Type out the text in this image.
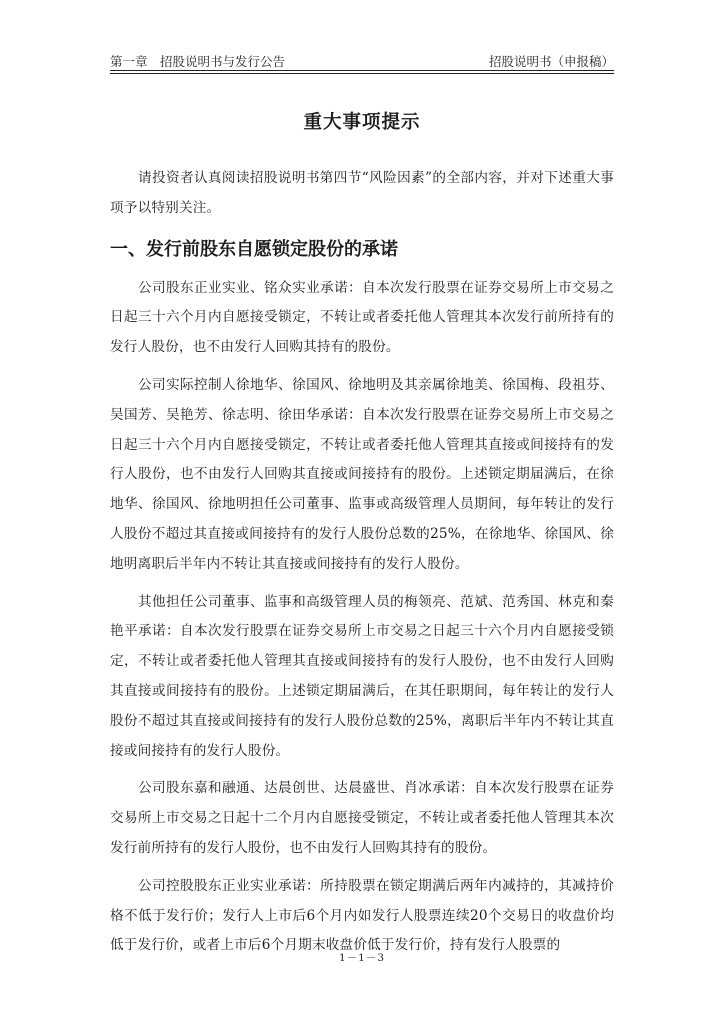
第一章　招股说明书与发行公告	招股说明书（申报稿）
重大事项提示

请投资者认真阅读招股说明书第四节“风险因素”的全部内容，并对下述重大事项予以特别关注。

一、发行前股东自愿锁定股份的承诺

公司股东正业实业、铭众实业承诺：自本次发行股票在证券交易所上市交易之日起三十六个月内自愿接受锁定，不转让或者委托他人管理其本次发行前所持有的发行人股份，也不由发行人回购其持有的股份。

公司实际控制人徐地华、徐国风、徐地明及其亲属徐地美、徐国梅、段祖芬、吴国芳、吴艳芳、徐志明、徐田华承诺：自本次发行股票在证券交易所上市交易之日起三十六个月内自愿接受锁定，不转让或者委托他人管理其直接或间接持有的发行人股份，也不由发行人回购其直接或间接持有的股份。上述锁定期届满后，在徐地华、徐国风、徐地明担任公司董事、监事或高级管理人员期间，每年转让的发行人股份不超过其直接或间接持有的发行人股份总数的25%，在徐地华、徐国风、徐地明离职后半年内不转让其直接或间接持有的发行人股份。

其他担任公司董事、监事和高级管理人员的梅领亮、范斌、范秀国、林克和秦艳平承诺：自本次发行股票在证券交易所上市交易之日起三十六个月内自愿接受锁定，不转让或者委托他人管理其直接或间接持有的发行人股份，也不由发行人回购其直接或间接持有的股份。上述锁定期届满后，在其任职期间，每年转让的发行人股份不超过其直接或间接持有的发行人股份总数的25%，离职后半年内不转让其直接或间接持有的发行人股份。

公司股东嘉和融通、达晨创世、达晨盛世、肖冰承诺：自本次发行股票在证券交易所上市交易之日起十二个月内自愿接受锁定，不转让或者委托他人管理其本次发行前所持有的发行人股份，也不由发行人回购其持有的股份。

公司控股股东正业实业承诺：所持股票在锁定期满后两年内减持的，其减持价格不低于发行价；发行人上市后6个月内如发行人股票连续20个交易日的收盘价均低于发行价，或者上市后6个月期末收盘价低于发行价，持有发行人股票的

1－1－3
